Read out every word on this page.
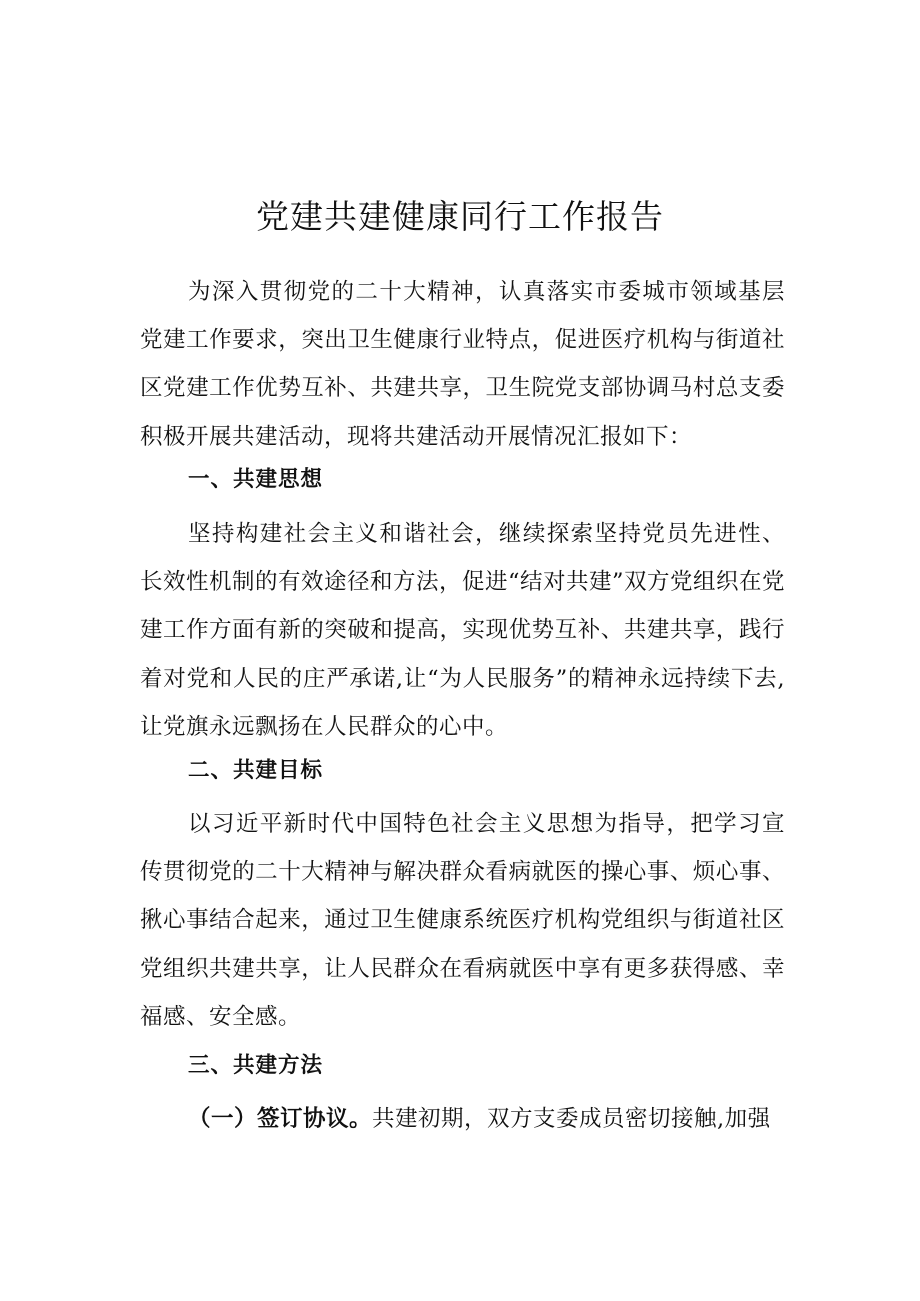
党建共建健康同行工作报告

为深入贯彻党的二十大精神，认真落实市委城市领域基层党建工作要求，突出卫生健康行业特点，促进医疗机构与街道社区党建工作优势互补、共建共享，卫生院党支部协调马村总支委积极开展共建活动，现将共建活动开展情况汇报如下：

一、共建思想

坚持构建社会主义和谐社会，继续探索坚持党员先进性、长效性机制的有效途径和方法，促进“结对共建”双方党组织在党建工作方面有新的突破和提高，实现优势互补、共建共享，践行着对党和人民的庄严承诺,让“为人民服务”的精神永远持续下去,让党旗永远飘扬在人民群众的心中。

二、共建目标

以习近平新时代中国特色社会主义思想为指导，把学习宣传贯彻党的二十大精神与解决群众看病就医的操心事、烦心事、揪心事结合起来，通过卫生健康系统医疗机构党组织与街道社区党组织共建共享，让人民群众在看病就医中享有更多获得感、幸福感、安全感。

三、共建方法

（一）签订协议。共建初期，双方支委成员密切接触,加强
